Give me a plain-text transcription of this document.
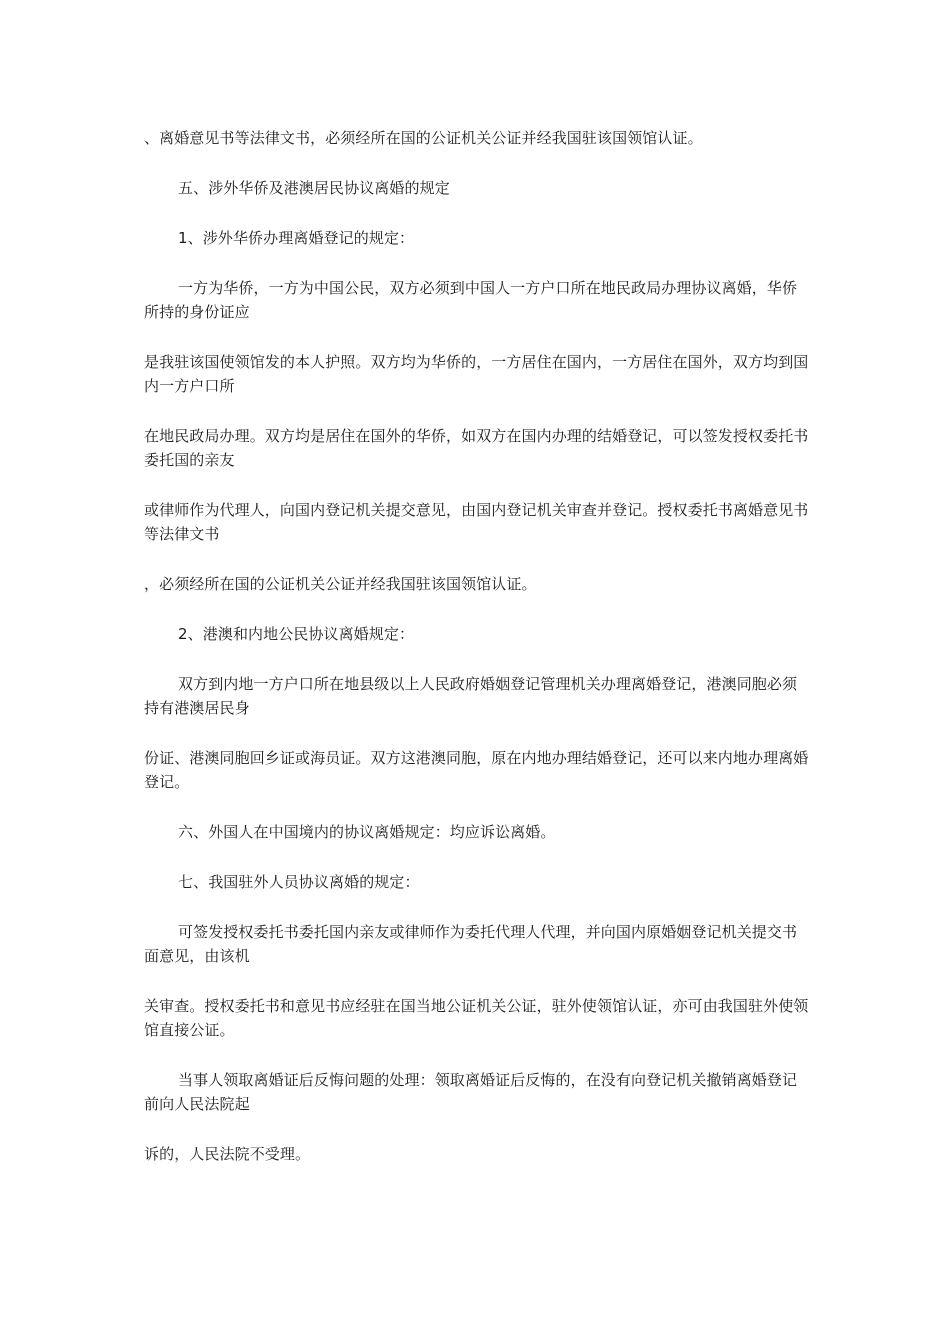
、离婚意见书等法律文书，必须经所在国的公证机关公证并经我国驻该国领馆认证。

五、涉外华侨及港澳居民协议离婚的规定

1、涉外华侨办理离婚登记的规定：

一方为华侨，一方为中国公民，双方必须到中国人一方户口所在地民政局办理协议离婚，华侨所持的身份证应

是我驻该国使领馆发的本人护照。双方均为华侨的，一方居住在国内，一方居住在国外，双方均到国内一方户口所

在地民政局办理。双方均是居住在国外的华侨，如双方在国内办理的结婚登记，可以签发授权委托书委托国的亲友

或律师作为代理人，向国内登记机关提交意见，由国内登记机关审查并登记。授权委托书离婚意见书等法律文书

，必须经所在国的公证机关公证并经我国驻该国领馆认证。

2、港澳和内地公民协议离婚规定：

双方到内地一方户口所在地县级以上人民政府婚姻登记管理机关办理离婚登记，港澳同胞必须持有港澳居民身

份证、港澳同胞回乡证或海员证。双方这港澳同胞，原在内地办理结婚登记，还可以来内地办理离婚登记。

六、外国人在中国境内的协议离婚规定：均应诉讼离婚。

七、我国驻外人员协议离婚的规定：

可签发授权委托书委托国内亲友或律师作为委托代理人代理，并向国内原婚姻登记机关提交书面意见，由该机

关审查。授权委托书和意见书应经驻在国当地公证机关公证，驻外使领馆认证，亦可由我国驻外使领馆直接公证。

当事人领取离婚证后反悔问题的处理：领取离婚证后反悔的，在没有向登记机关撤销离婚登记前向人民法院起

诉的，人民法院不受理。
